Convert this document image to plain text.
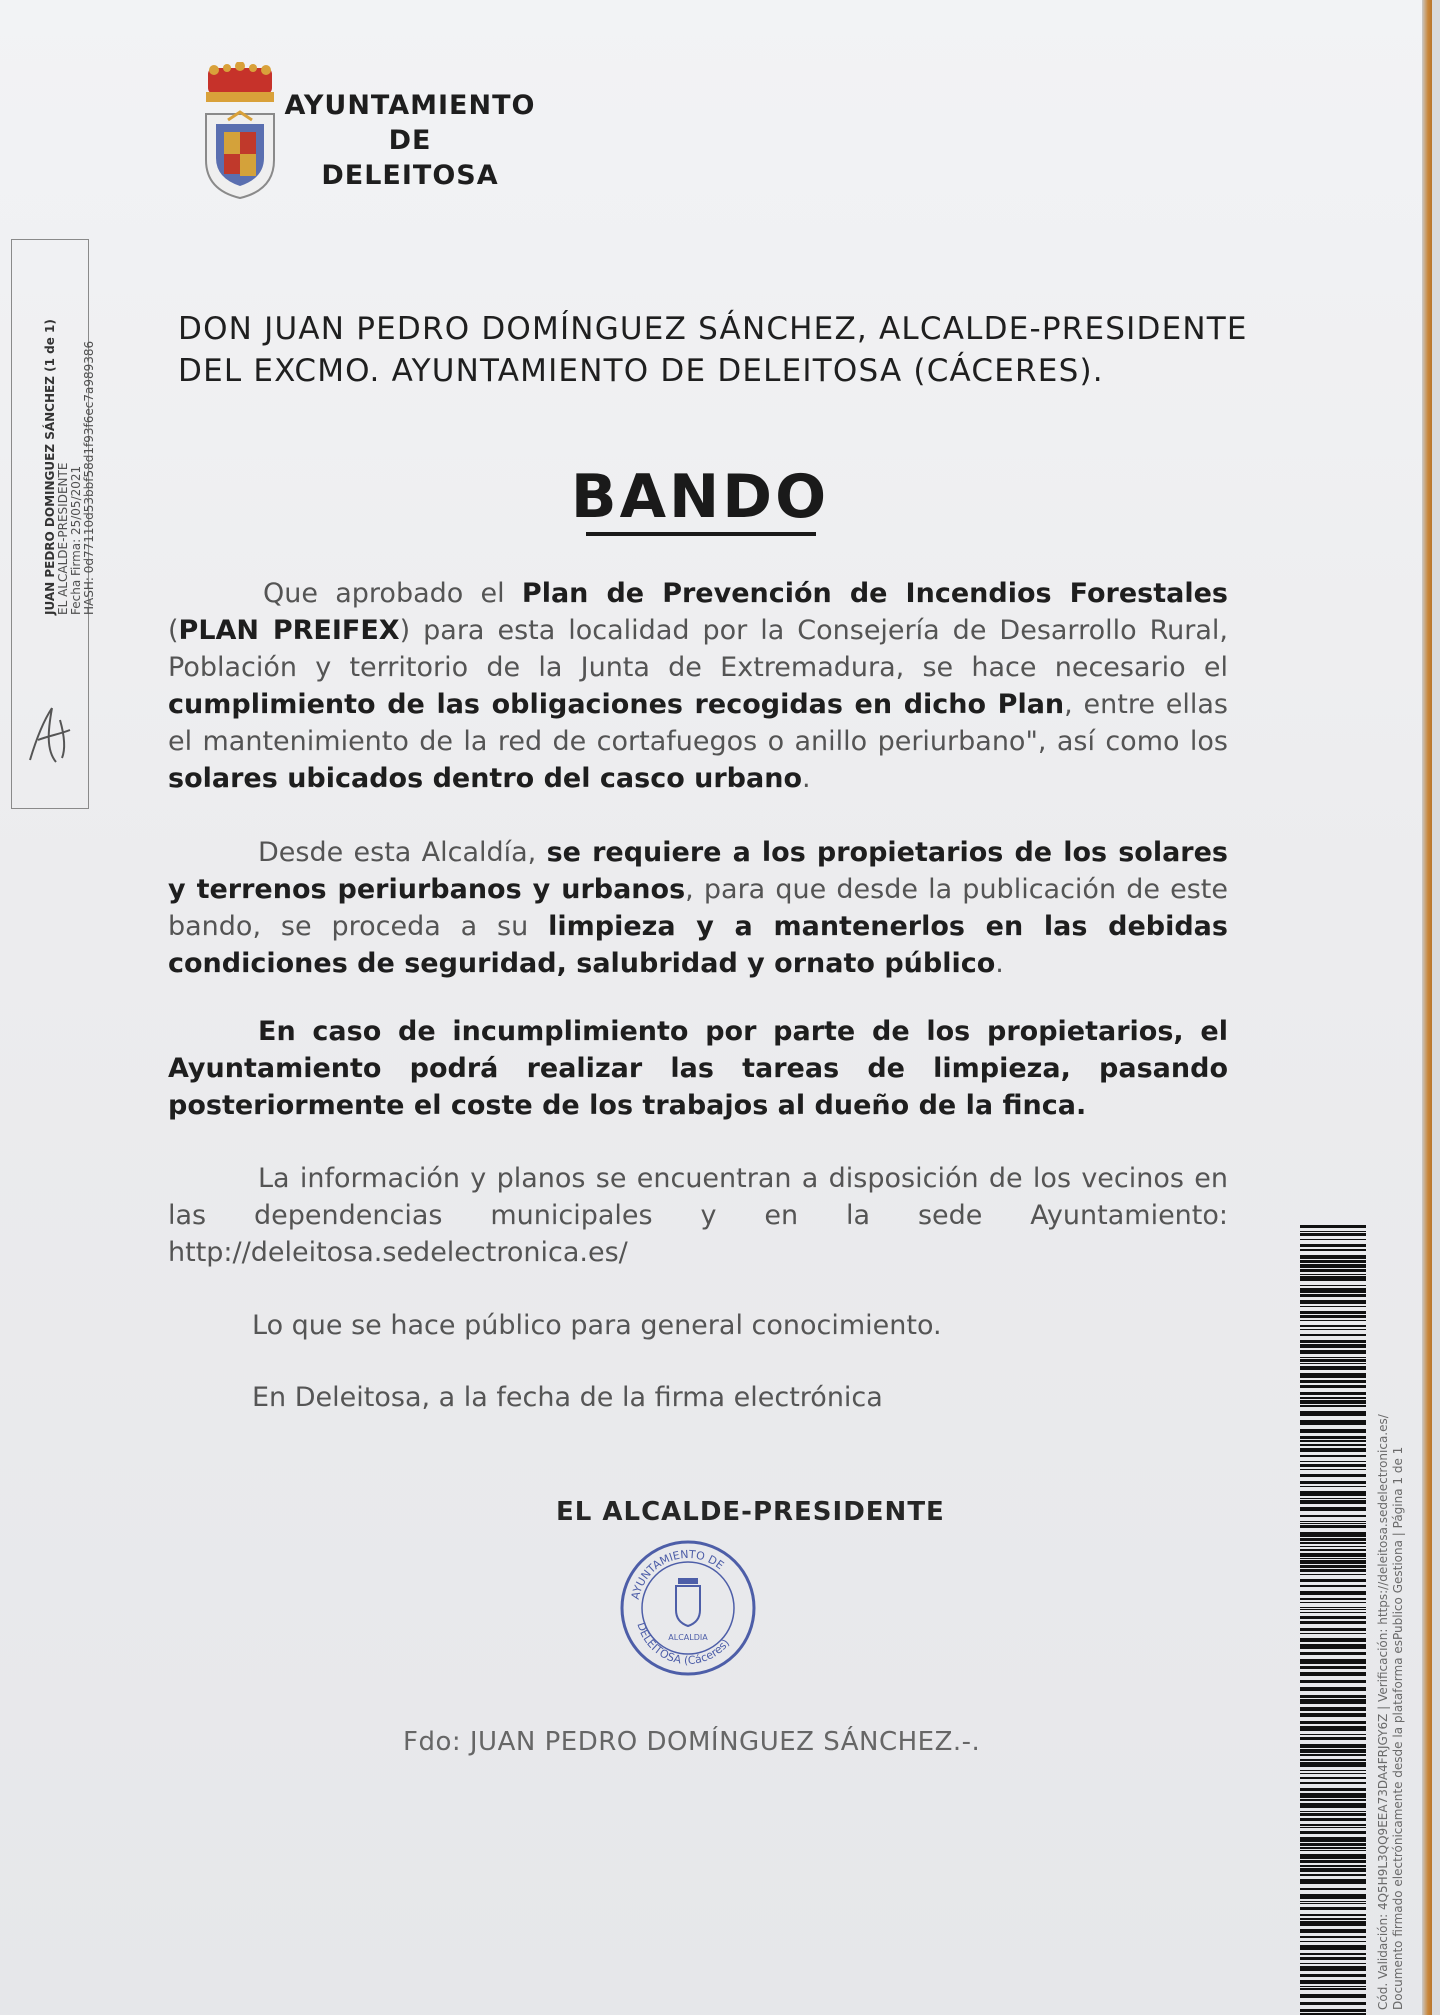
AYUNTAMIENTO
DE
DELEITOSA
JUAN PEDRO DOMINGUEZ SÁNCHEZ (1 de 1) EL ALCALDE-PRESIDENTE Fecha Firma: 25/05/2021 HASH: 0d77110d53bbf58d1f93f6ec7a989386
DON JUAN PEDRO DOMÍNGUEZ SÁNCHEZ, ALCALDE-PRESIDENTE
DEL EXCMO. AYUNTAMIENTO DE DELEITOSA (CÁCERES).
BANDO
Que aprobado el Plan de Prevención de Incendios Forestales (PLAN PREIFEX) para esta localidad por la Consejería de Desarrollo Rural, Población y territorio de la Junta de Extremadura, se hace necesario el cumplimiento de las obligaciones recogidas en dicho Plan, entre ellas el mantenimiento de la red de cortafuegos o anillo periurbano", así como los solares ubicados dentro del casco urbano.
Desde esta Alcaldía, se requiere a los propietarios de los solares y terrenos periurbanos y urbanos, para que desde la publicación de este bando, se proceda a su limpieza y a mantenerlos en las debidas condiciones de seguridad, salubridad y ornato público.
En caso de incumplimiento por parte de los propietarios, el Ayuntamiento podrá realizar las tareas de limpieza, pasando posteriormente el coste de los trabajos al dueño de la finca.
La información y planos se encuentran a disposición de los vecinos en las dependencias municipales y en la sede Ayuntamiento: http://deleitosa.sedelectronica.es/
Lo que se hace público para general conocimiento.
En Deleitosa, a la fecha de la firma electrónica
EL ALCALDE-PRESIDENTE
AYUNTAMIENTO DE
DELEITOSA (Cáceres)
ALCALDIA
Fdo: JUAN PEDRO DOMÍNGUEZ SÁNCHEZ.-.	Cód. Validación: 4Q5H9L3QQ9EEA73DA4FRJGY6Z | Verificación: https://deleitosa.sedelectronica.es/ Documento firmado electrónicamente desde la plataforma esPublico Gestiona | Página 1 de 1
